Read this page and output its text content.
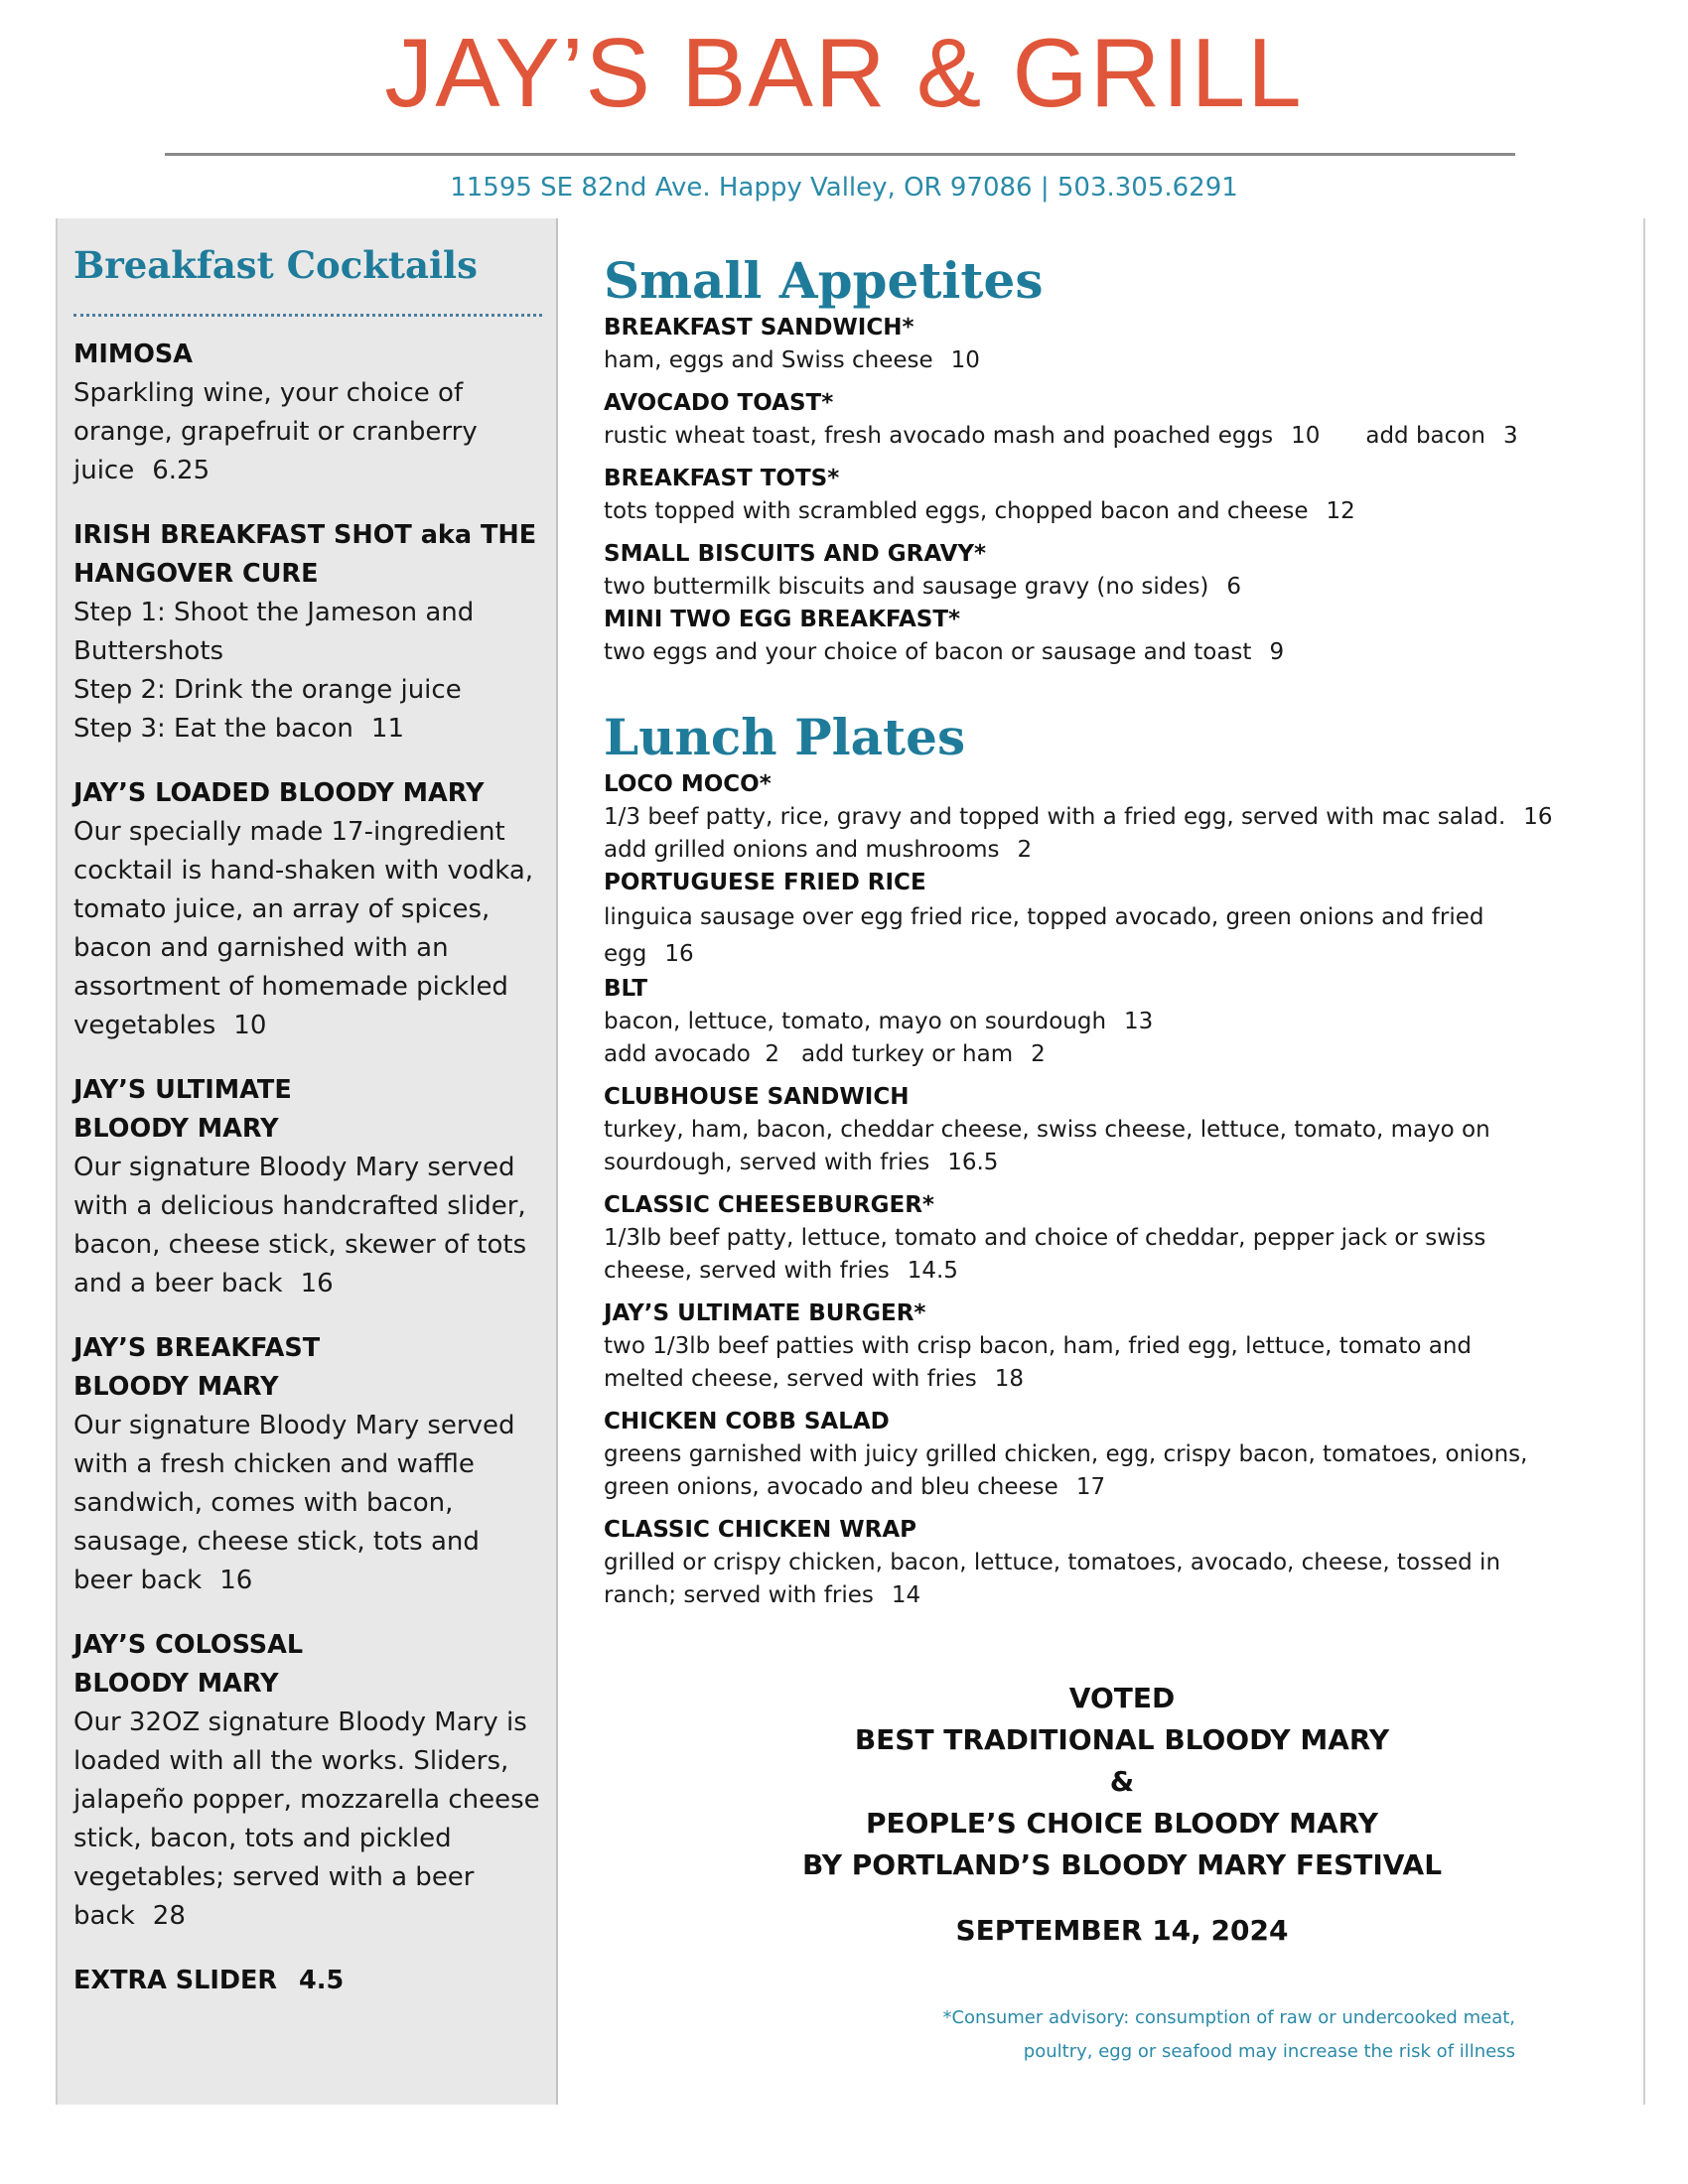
JAY’S BAR & GRILL
11595 SE 82nd Ave. Happy Valley, OR 97086 | 503.305.6291
Breakfast Cocktails
MIMOSA
Sparkling wine, your choice of orange, grapefruit or cranberry juice 6.25
IRISH BREAKFAST SHOT aka THE HANGOVER CURE
Step 1: Shoot the Jameson and Buttershots
Step 2: Drink the orange juice
Step 3: Eat the bacon 11
JAY’S LOADED BLOODY MARY
Our specially made 17-ingredient cocktail is hand-shaken with vodka, tomato juice, an array of spices, bacon and garnished with an assortment of homemade pickled vegetables 10
JAY’S ULTIMATE BLOODY MARY
Our signature Bloody Mary served with a delicious handcrafted slider, bacon, cheese stick, skewer of tots and a beer back 16
JAY’S BREAKFAST BLOODY MARY
Our signature Bloody Mary served with a fresh chicken and waffle sandwich, comes with bacon, sausage, cheese stick, tots and beer back 16
JAY’S COLOSSAL BLOODY MARY
Our 32OZ signature Bloody Mary is loaded with all the works. Sliders, jalapeño popper, mozzarella cheese stick, bacon, tots and pickled vegetables; served with a beer back 28
EXTRA SLIDER 4.5
Small Appetites
BREAKFAST SANDWICH*
ham, eggs and Swiss cheese 10
AVOCADO TOAST*
rustic wheat toast, fresh avocado mash and poached eggs 10 add bacon 3
BREAKFAST TOTS*
tots topped with scrambled eggs, chopped bacon and cheese 12
SMALL BISCUITS AND GRAVY*
two buttermilk biscuits and sausage gravy (no sides) 6
MINI TWO EGG BREAKFAST*
two eggs and your choice of bacon or sausage and toast 9
Lunch Plates
LOCO MOCO*
1/3 beef patty, rice, gravy and topped with a fried egg, served with mac salad. 16
add grilled onions and mushrooms 2
PORTUGUESE FRIED RICE
linguica sausage over egg fried rice, topped avocado, green onions and fried egg 16
BLT
bacon, lettuce, tomato, mayo on sourdough 13
add avocado  2   add turkey or ham 2
CLUBHOUSE SANDWICH
turkey, ham, bacon, cheddar cheese, swiss cheese, lettuce, tomato, mayo on sourdough, served with fries 16.5
CLASSIC CHEESEBURGER*
1/3lb beef patty, lettuce, tomato and choice of cheddar, pepper jack or swiss cheese, served with fries 14.5
JAY’S ULTIMATE BURGER*
two 1/3lb beef patties with crisp bacon, ham, fried egg, lettuce, tomato and melted cheese, served with fries 18
CHICKEN COBB SALAD
greens garnished with juicy grilled chicken, egg, crispy bacon, tomatoes, onions, green onions, avocado and bleu cheese 17
CLASSIC CHICKEN WRAP
grilled or crispy chicken, bacon, lettuce, tomatoes, avocado, cheese, tossed in ranch; served with fries 14
VOTED
BEST TRADITIONAL BLOODY MARY
&
PEOPLE’S CHOICE BLOODY MARY
BY PORTLAND’S BLOODY MARY FESTIVAL
SEPTEMBER 14, 2024
*Consumer advisory: consumption of raw or undercooked meat,
poultry, egg or seafood may increase the risk of illness
